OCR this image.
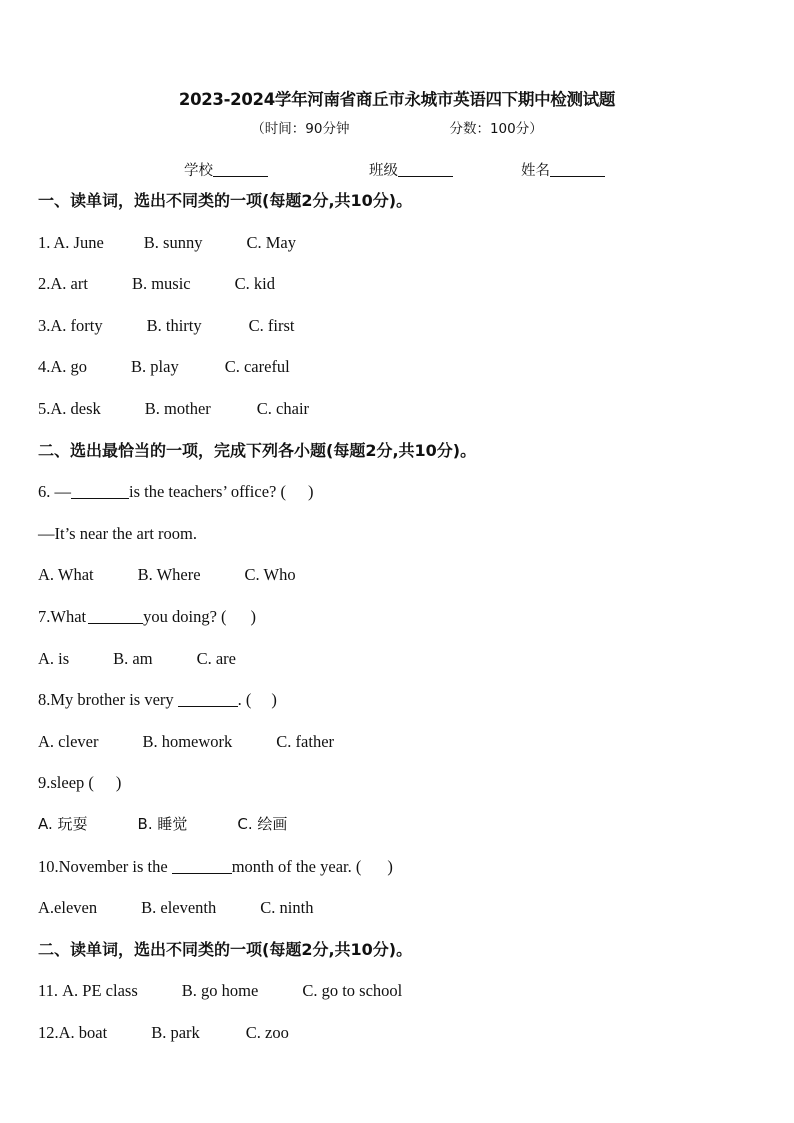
2023-2024学年河南省商丘市永城市英语四下期中检测试题
（时间：90分钟	分数：100分）
学校	班级	姓名
一、读单词，选出不同类的一项(每题2分,共10分)。
1. A. June B. sunny	C. May
2.A. art	B. music	C. kid
3.A. forty	B. thirty	C. first
4.A. go	B. play	C. careful
5.A. desk	B. mother	C. chair
二、选出最恰当的一项，完成下列各小题(每题2分,共10分)。
6. —	is the teachers’ office? ( )
—It’s near the art room.
A. What	B. Where	C. Who
7.What	you doing? ( )
A. is	B. am	C. are
8.My brother is very	. ( )
A. clever	B. homework	C. father
9.sleep ( )
A. 玩耍	B. 睡觉	C. 绘画
10.November is the	month of the year. ( )
A.eleven	B. eleventh	C. ninth
二、读单词，选出不同类的一项(每题2分,共10分)。
11. A. PE class	B. go home	C. go to school
12.A. boat	B. park	C. zoo
